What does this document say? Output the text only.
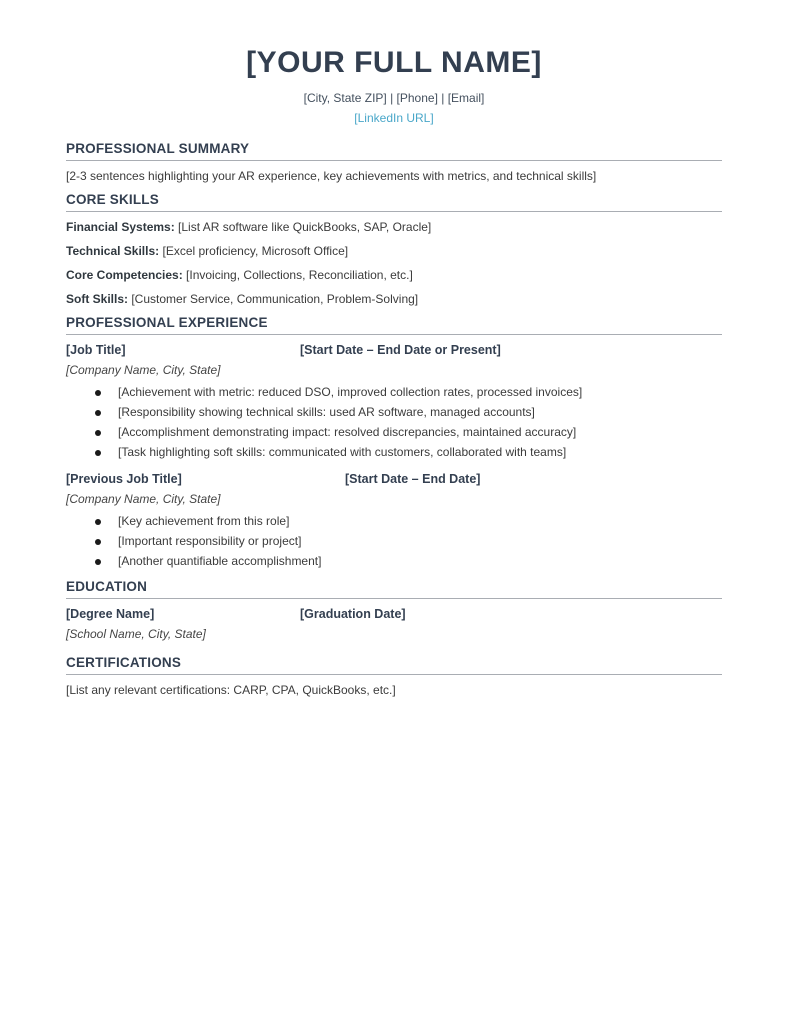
[YOUR FULL NAME]
[City, State ZIP] | [Phone] | [Email]
[LinkedIn URL]
PROFESSIONAL SUMMARY
[2-3 sentences highlighting your AR experience, key achievements with metrics, and technical skills]
CORE SKILLS
Financial Systems: [List AR software like QuickBooks, SAP, Oracle]
Technical Skills: [Excel proficiency, Microsoft Office]
Core Competencies: [Invoicing, Collections, Reconciliation, etc.]
Soft Skills: [Customer Service, Communication, Problem-Solving]
PROFESSIONAL EXPERIENCE
[Job Title]	[Start Date – End Date or Present]
[Company Name, City, State]
[Achievement with metric: reduced DSO, improved collection rates, processed invoices]
[Responsibility showing technical skills: used AR software, managed accounts]
[Accomplishment demonstrating impact: resolved discrepancies, maintained accuracy]
[Task highlighting soft skills: communicated with customers, collaborated with teams]
[Previous Job Title]	[Start Date – End Date]
[Company Name, City, State]
[Key achievement from this role]
[Important responsibility or project]
[Another quantifiable accomplishment]
EDUCATION
[Degree Name]	[Graduation Date]
[School Name, City, State]
CERTIFICATIONS
[List any relevant certifications: CARP, CPA, QuickBooks, etc.]
